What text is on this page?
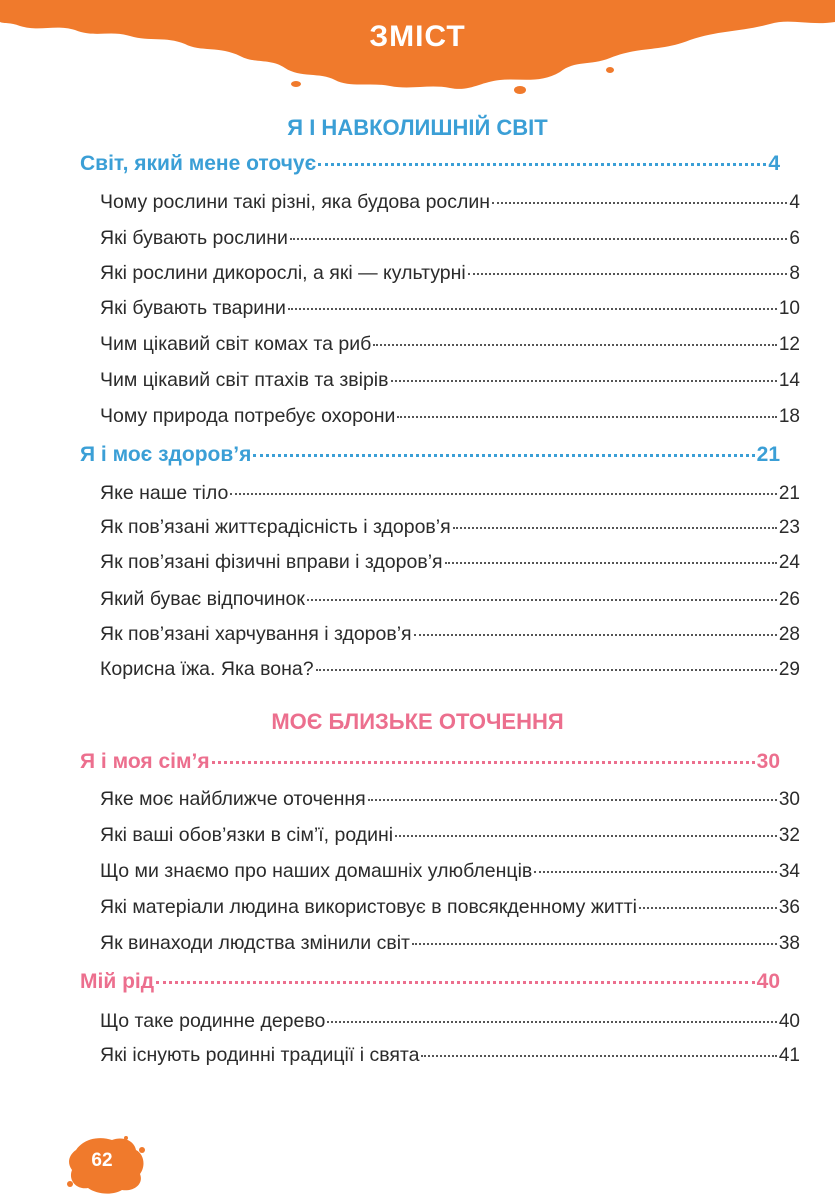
ЗМІСТ
Я І НАВКОЛИШНІЙ СВІТ
Світ, який мене оточує	4
Чому рослини такі різні, яка будова рослин	4
Які бувають рослини	6
Які рослини дикорослі, а які — культурні	8
Які бувають тварини	10
Чим цікавий світ комах та риб	12
Чим цікавий світ птахів та звірів	14
Чому природа потребує охорони	18
Я і моє здоров’я	21
Яке наше тіло	21
Як пов’язані життєрадісність і здоров’я	23
Як пов’язані фізичні вправи і здоров’я	24
Який буває відпочинок	26
Як пов’язані харчування і здоров’я	28
Корисна їжа. Яка вона?	29
МОЄ БЛИЗЬКЕ ОТОЧЕННЯ
Я і моя сім’я	30
Яке моє найближче оточення	30
Які ваші обов’язки в сім’ї, родині	32
Що ми знаємо про наших домашніх улюбленців	34
Які матеріали людина використовує в повсякденному житті	36
Як винаходи людства змінили світ	38
Мій рід	40
Що таке родинне дерево	40
Які існують родинні традиції і свята	41
62
